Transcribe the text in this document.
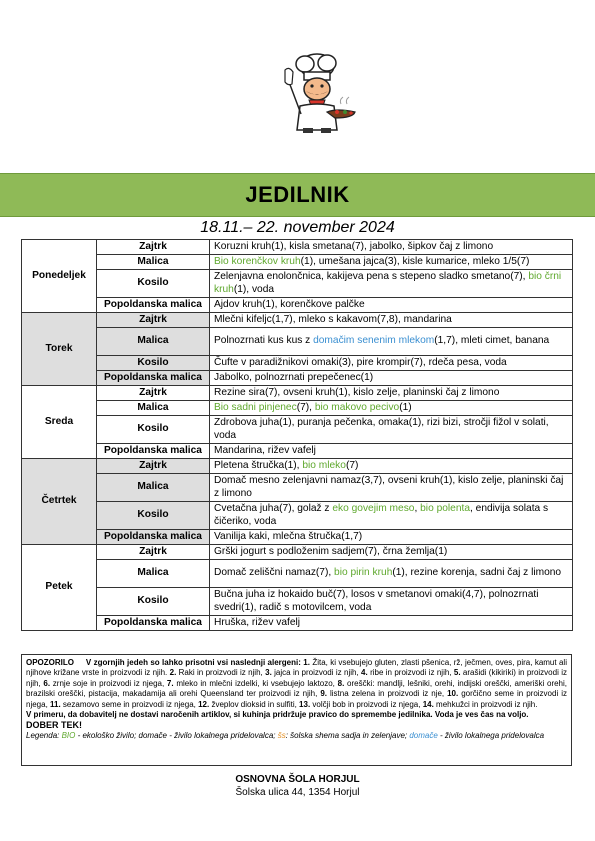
JEDILNIK
18.11.– 22. november 2024
Ponedeljek	Zajtrk	Koruzni kruh(1), kisla smetana(7), jabolko, šipkov čaj z limono
	Malica	Bio korenčkov kruh(1), umešana jajca(3), kisle kumarice, mleko 1/5(7)
	Kosilo	Zelenjavna enolončnica, kakijeva pena s stepeno sladko smetano(7), bio črni kruh(1), voda
	Popoldanska malica	Ajdov kruh(1), korenčkove palčke
Torek	Zajtrk	Mlečni kifeljc(1,7), mleko s kakavom(7,8), mandarina
	Malica	Polnozrnati kus kus z domačim senenim mlekom(1,7), mleti cimet, banana
	Kosilo	Čufte v paradižnikovi omaki(3), pire krompir(7), rdeča pesa, voda
	Popoldanska malica	Jabolko, polnozrnati prepečenec(1)
Sreda	Zajtrk	Rezine sira(7), ovseni kruh(1), kislo zelje, planinski čaj z limono
	Malica	Bio sadni pinjenec(7), bio makovo pecivo(1)
	Kosilo	Zdrobova juha(1), puranja pečenka, omaka(1), rizi bizi, stročji fižol v solati, voda
	Popoldanska malica	Mandarina, rižev vafelj
Četrtek	Zajtrk	Pletena štručka(1), bio mleko(7)
	Malica	Domač mesno zelenjavni namaz(3,7), ovseni kruh(1), kislo zelje, planinski čaj z limono
	Kosilo	Cvetačna juha(7), golaž z eko govejim meso, bio polenta, endivija solata s čičeriko, voda
	Popoldanska malica	Vanilija kaki, mlečna štručka(1,7)
Petek	Zajtrk	Grški jogurt s podloženim sadjem(7), črna žemlja(1)
	Malica	Domač zeliščni namaz(7), bio pirin kruh(1), rezine korenja, sadni čaj z limono
	Kosilo	Bučna juha iz hokaido buč(7), losos v smetanovi omaki(4,7), polnozrnati svedri(1), radič s motovilcem, voda
	Popoldanska malica	Hruška, rižev vafelj

OPOZORILO V zgornjih jedeh so lahko prisotni vsi naslednji alergeni: 1. Žita, ki vsebujejo gluten, zlasti pšenica, rž, ječmen, oves, pira, kamut ali njihove križane vrste in proizvodi iz njih. 2. Raki in proizvodi iz njih, 3. jajca in proizvodi iz njih, 4. ribe in proizvodi iz njih, 5. arašidi (kikiriki) in proizvodi iz njih, 6. zrnje soje in proizvodi iz njega, 7. mleko in mlečni izdelki, ki vsebujejo laktozo, 8. oreščki: mandlji, lešniki, orehi, indijski oreščki, ameriški orehi, brazilski oreščki, pistacija, makadamija ali orehi Queensland ter proizvodi iz njih, 9. listna zelena in proizvodi iz nje, 10. gorčično seme in proizvodi iz njega, 11. sezamovo seme in proizvodi iz njega, 12. žveplov dioksid in sulfiti, 13. volčji bob in proizvodi iz njega, 14. mehkužci in proizvodi iz njih.

V primeru, da dobavitelj ne dostavi naročenih artiklov, si kuhinja pridržuje pravico do spremembe jedilnika. Voda je ves čas na voljo.

DOBER TEK!

Legenda: BIO - ekološko živilo; domače - živilo lokalnega pridelovalca; šs: šolska shema sadja in zelenjave; domače - živilo lokalnega pridelovalca

OSNOVNA ŠOLA HORJUL
Šolska ulica 44, 1354 Horjul
